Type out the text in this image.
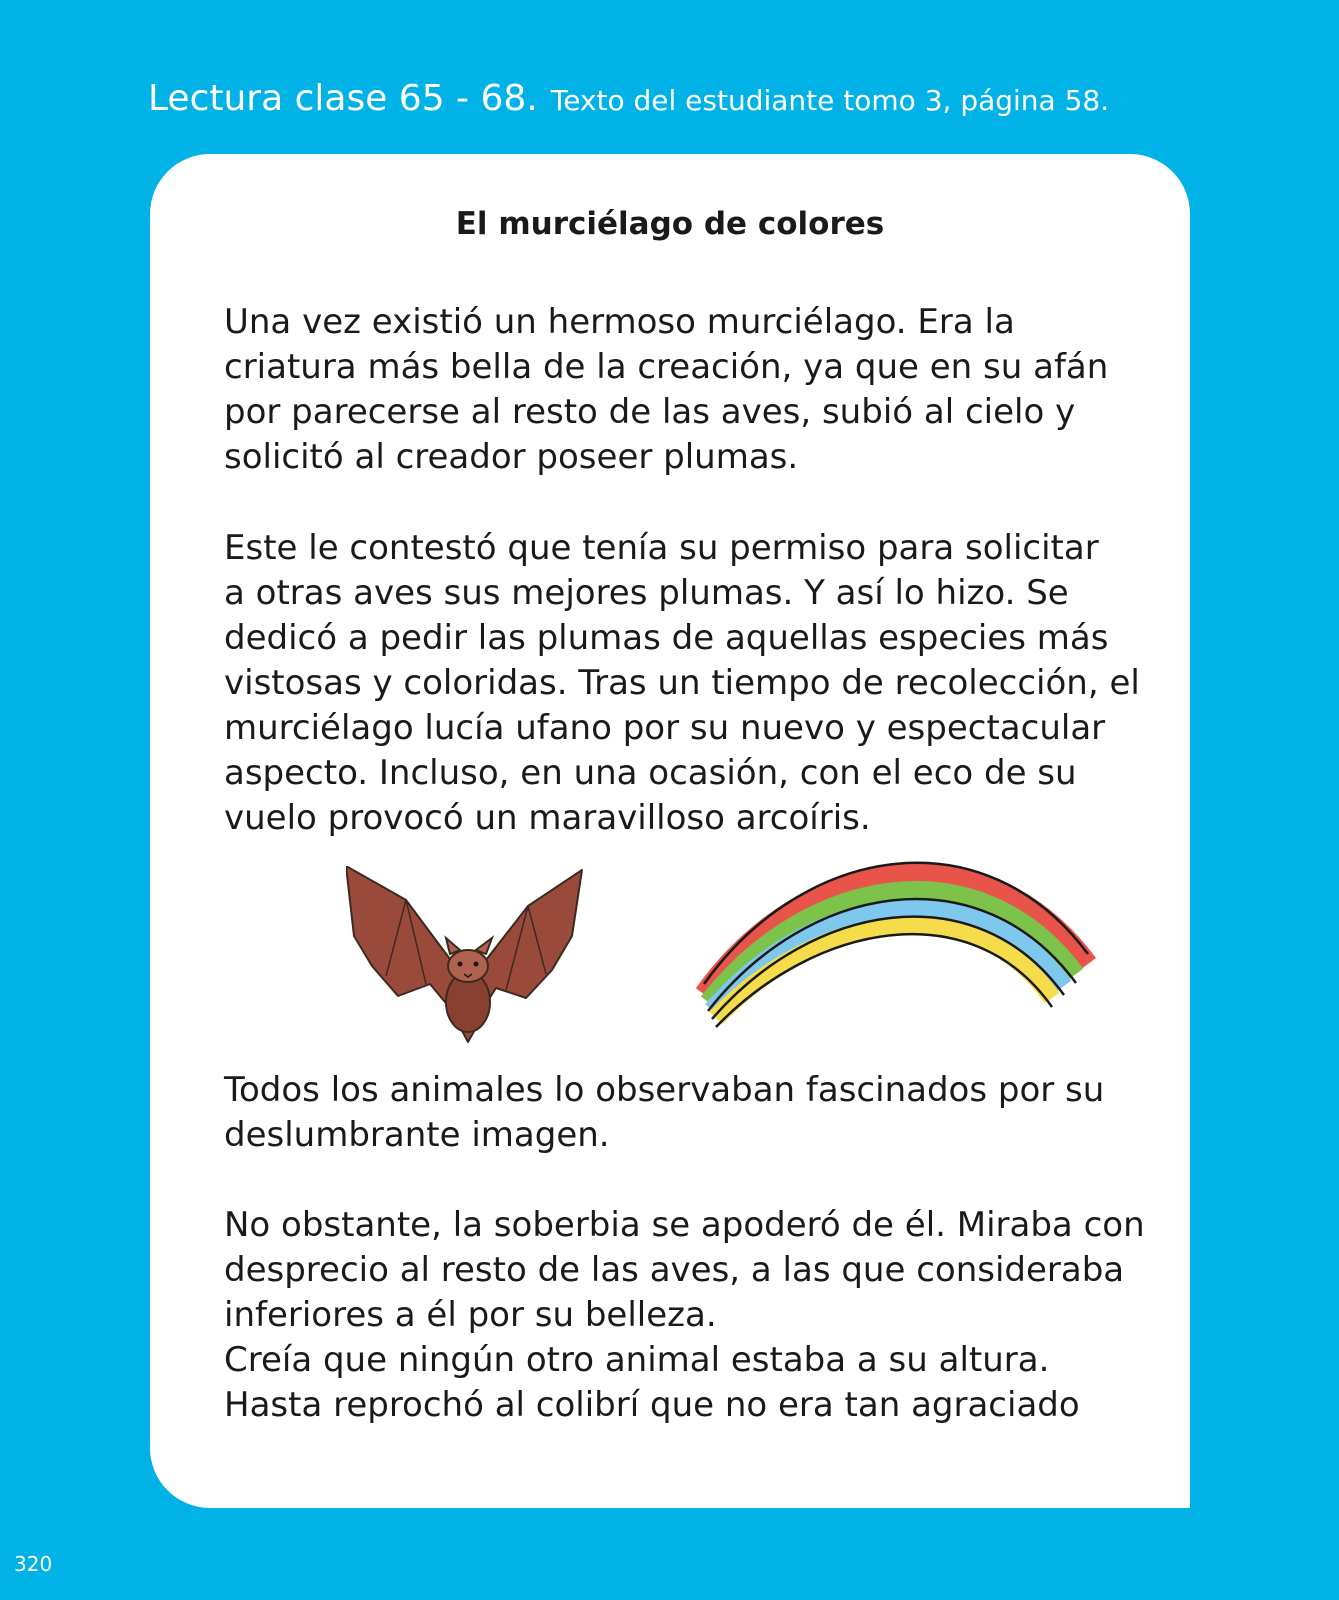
Lectura clase 65 - 68. Texto del estudiante tomo 3, página 58.
El murciélago de colores
Una vez existió un hermoso murciélago. Era la
criatura más bella de la creación, ya que en su afán
por parecerse al resto de las aves, subió al cielo y
solicitó al creador poseer plumas.
Este le contestó que tenía su permiso para solicitar
a otras aves sus mejores plumas. Y así lo hizo. Se
dedicó a pedir las plumas de aquellas especies más
vistosas y coloridas. Tras un tiempo de recolección, el
murciélago lucía ufano por su nuevo y espectacular
aspecto. Incluso, en una ocasión, con el eco de su
vuelo provocó un maravilloso arcoíris.
Todos los animales lo observaban fascinados por su
deslumbrante imagen.
No obstante, la soberbia se apoderó de él. Miraba con
desprecio al resto de las aves, a las que consideraba
inferiores a él por su belleza.
Creía que ningún otro animal estaba a su altura.
Hasta reprochó al colibrí que no era tan agraciado
320
